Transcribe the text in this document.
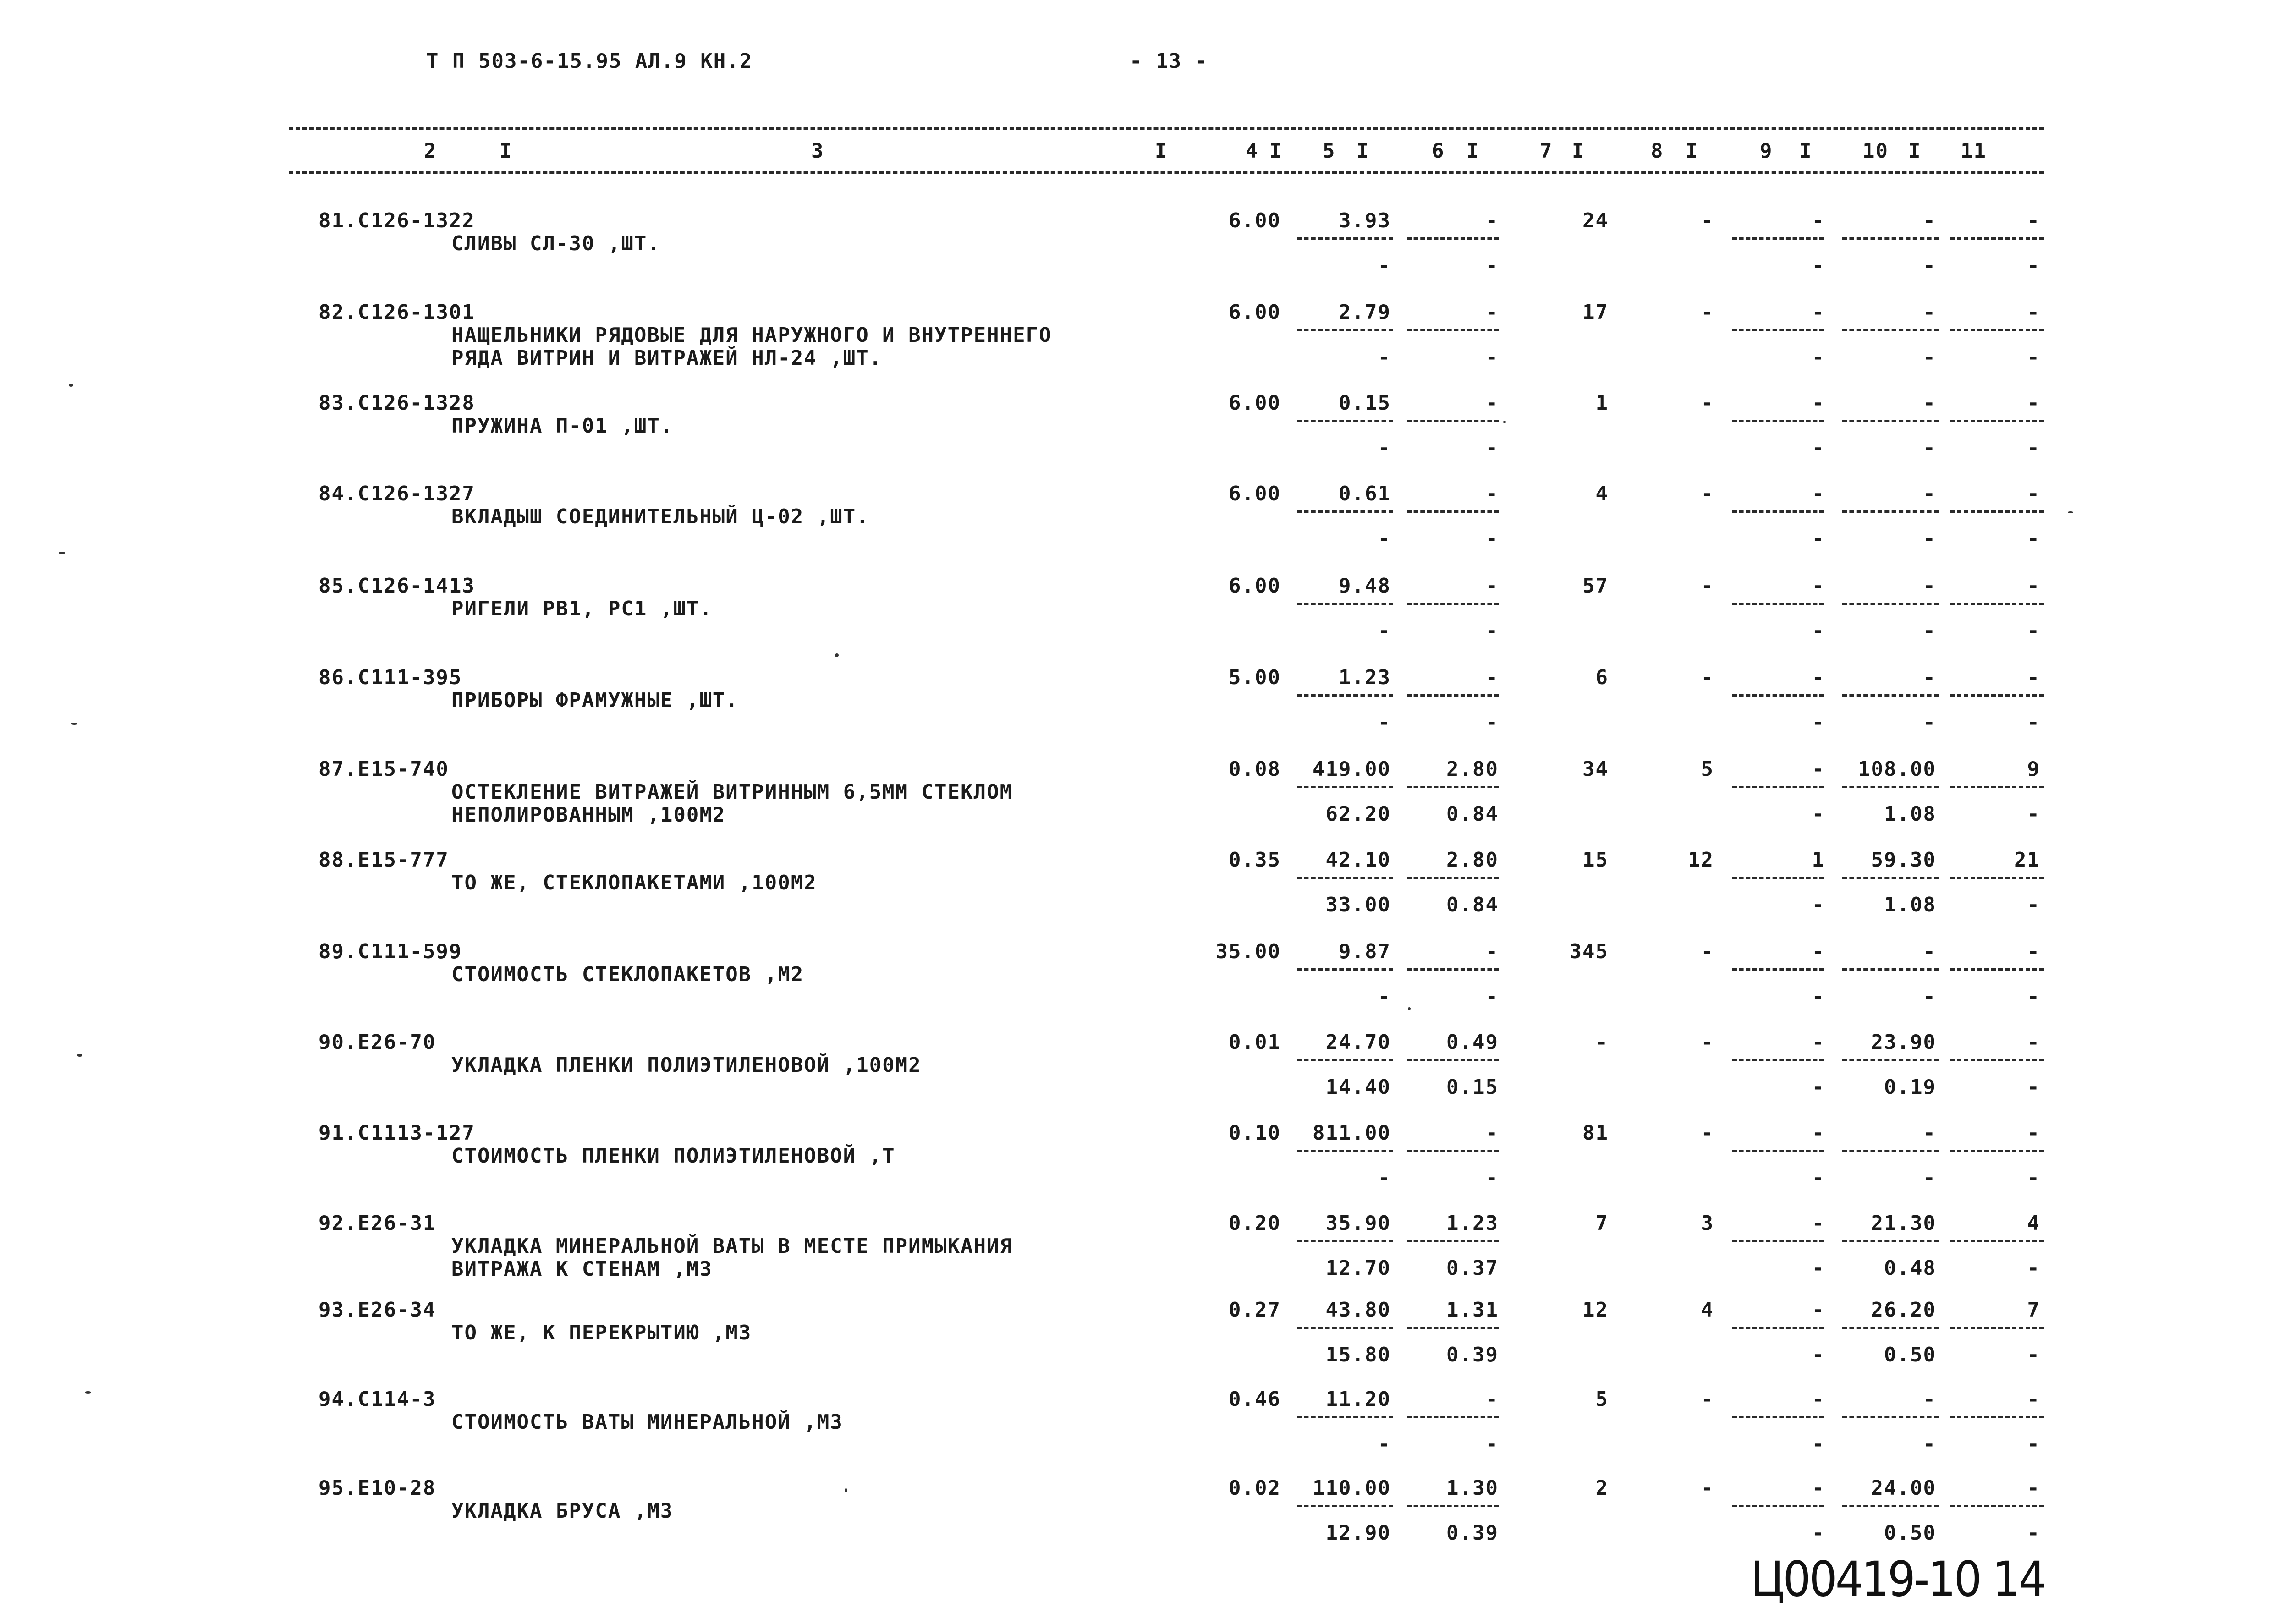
Т П 503-6-15.95 АЛ.9 КН.2	- 13 -
2	I	3	I	4 I 5 I	6 I	7 I	8 I	9 I 10 I 11
81.С126-1322
СЛИВЫ СЛ-30 ,ШТ.
6.00	3.93	-	24	-	-	-	-
-	-	-	-	-
82.С126-1301
НАЩЕЛЬНИКИ РЯДОВЫЕ ДЛЯ НАРУЖНОГО И ВНУТРЕННЕГО
РЯДА ВИТРИН И ВИТРАЖЕЙ НЛ-24 ,ШТ.
6.00	2.79	-	17	-	-	-	-
-	-	-	-	-
83.С126-1328
ПРУЖИНА П-01 ,ШТ.
6.00	0.15	-	1	-	-	-	-
-	-	-	-	-
84.С126-1327
ВКЛАДЫШ СОЕДИНИТЕЛЬНЫЙ Ц-02 ,ШТ.
6.00	0.61	-	4	-	-	-	-
-	-	-	-	-
85.С126-1413
РИГЕЛИ РВ1, РС1 ,ШТ.
6.00	9.48	-	57	-	-	-	-
-	-	-	-	-
86.С111-395
ПРИБОРЫ ФРАМУЖНЫЕ ,ШТ.
5.00	1.23	-	6	-	-	-	-
-	-	-	-	-
87.Е15-740
ОСТЕКЛЕНИЕ ВИТРАЖЕЙ ВИТРИННЫМ 6,5ММ СТЕКЛОМ
НЕПОЛИРОВАННЫМ ,100М2
0.08	419.00	2.80	34	5	-	108.00	9
62.20	0.84	-	1.08	-
88.Е15-777
ТО ЖЕ, СТЕКЛОПАКЕТАМИ ,100М2
0.35	42.10	2.80	15	12	1	59.30	21
33.00	0.84	-	1.08	-
89.С111-599
СТОИМОСТЬ СТЕКЛОПАКЕТОВ ,М2
35.00	9.87	-	345	-	-	-	-
-	-	-	-	-
90.Е26-70
УКЛАДКА ПЛЕНКИ ПОЛИЭТИЛЕНОВОЙ ,100М2
0.01	24.70	0.49	-	-	-	23.90	-
14.40	0.15	-	0.19	-
91.С1113-127
СТОИМОСТЬ ПЛЕНКИ ПОЛИЭТИЛЕНОВОЙ ,Т
0.10	811.00	-	81	-	-	-	-
-	-	-	-	-
92.Е26-31
УКЛАДКА МИНЕРАЛЬНОЙ ВАТЫ В МЕСТЕ ПРИМЫКАНИЯ
ВИТРАЖА К СТЕНАМ ,М3
0.20	35.90	1.23	7	3	-	21.30	4
12.70	0.37	-	0.48	-
93.Е26-34
ТО ЖЕ, К ПЕРЕКРЫТИЮ ,М3
0.27	43.80	1.31	12	4	-	26.20	7
15.80	0.39	-	0.50	-
94.С114-3
СТОИМОСТЬ ВАТЫ МИНЕРАЛЬНОЙ ,М3
0.46	11.20	-	5	-	-	-	-
-	-	-	-	-
95.Е10-28
УКЛАДКА БРУСА ,М3
0.02	110.00	1.30	2	-	-	24.00	-
12.90	0.39	-	0.50	-
Ц00419-10 14
